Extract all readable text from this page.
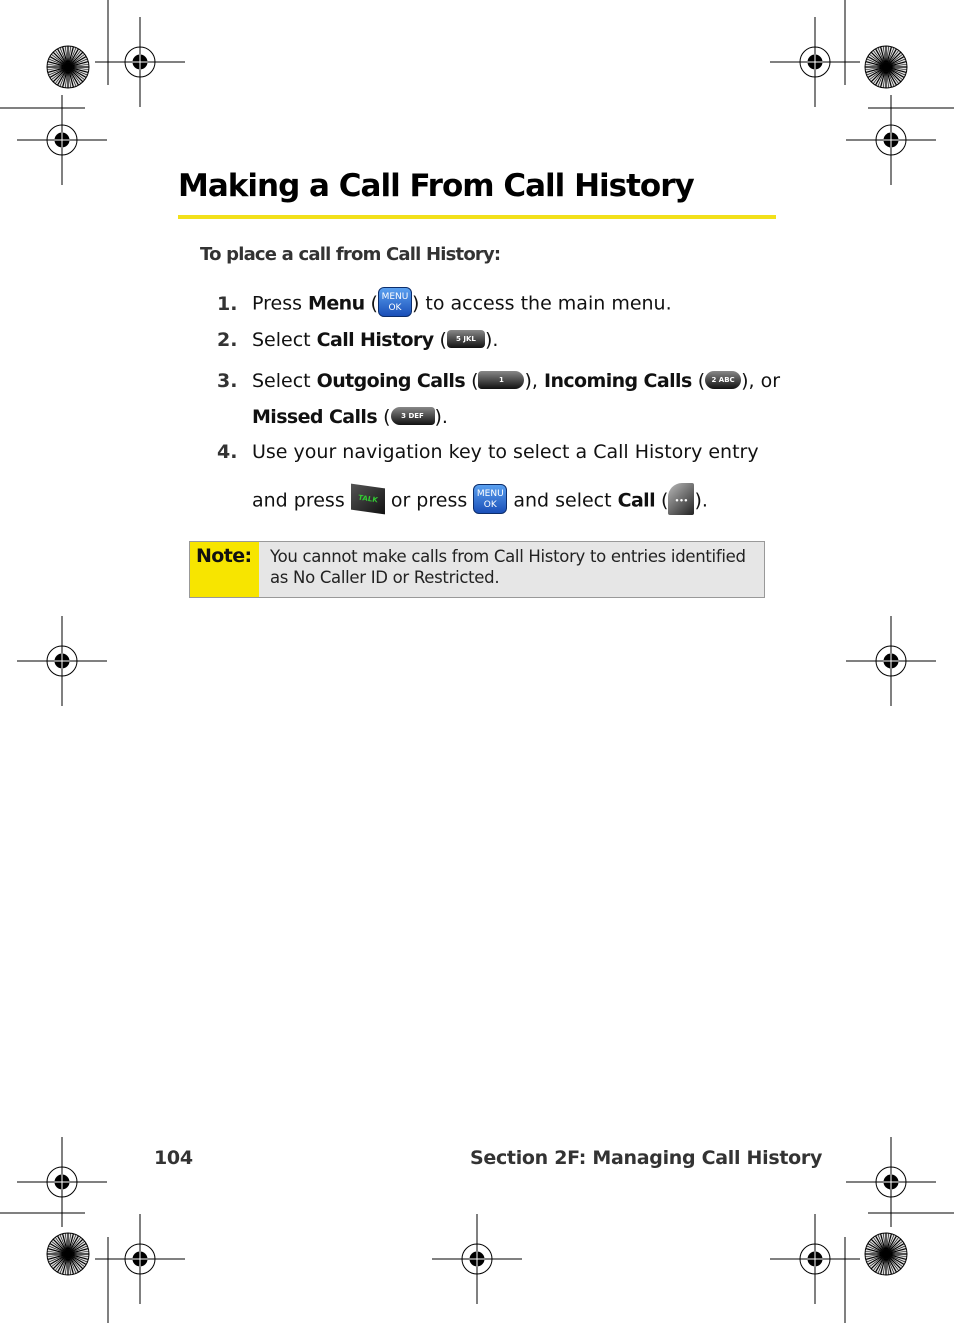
Making a Call From Call History
To place a call from Call History:
1. Press Menu ( MENU
OK ) to access the main menu.
2. Select Call History ( 5 JKL ).
3. Select Outgoing Calls (	1 ), Incoming Calls ( 2 ABC ), or
Missed Calls ( 3 DEF ).
4. Use your navigation key to select a Call History entry
and press TALK or press MENU
OK and select Call ( ••• ).
Note:	You cannot make calls from Call History to entries identified as No Caller ID or Restricted.
104	Section 2F: Managing Call History
